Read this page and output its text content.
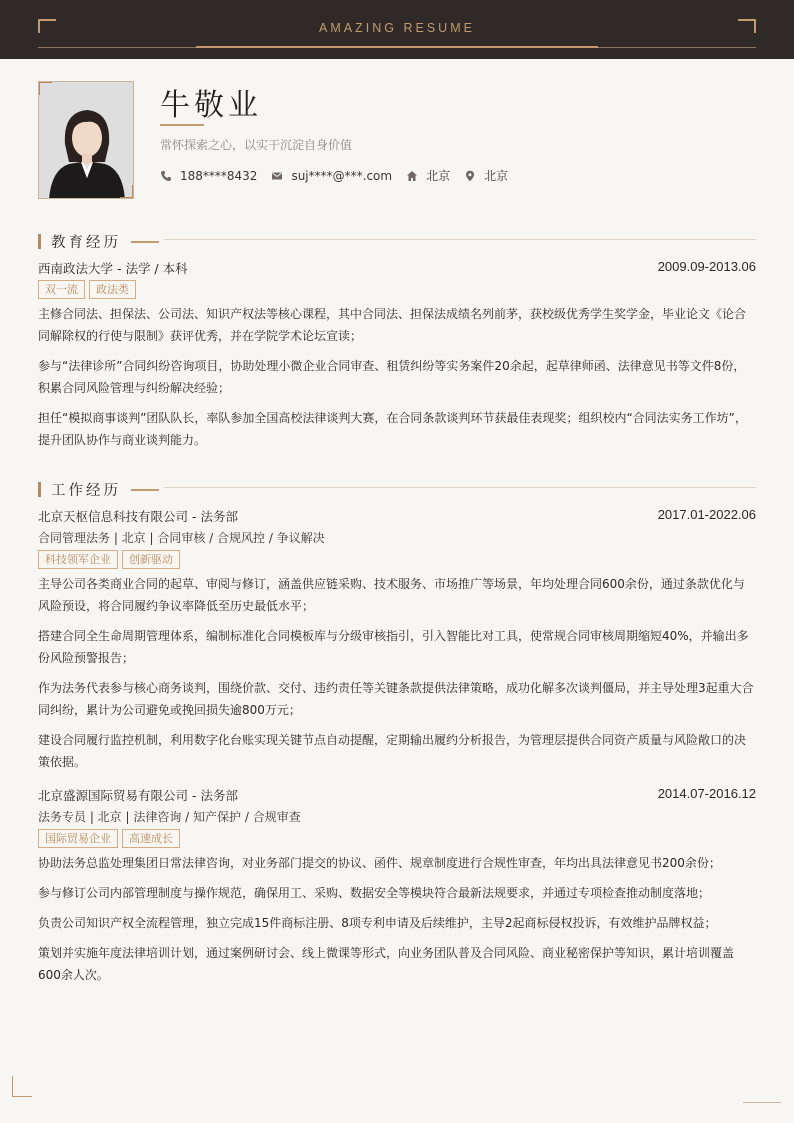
AMAZING RESUME
牛敬业
常怀探索之心，以实干沉淀自身价值
188****8432	suj****@***.com	北京	北京
教育经历
西南政法大学 - 法学 / 本科	2009.09-2013.06
双一流	政法类
主修合同法、担保法、公司法、知识产权法等核心课程，其中合同法、担保法成绩名列前茅，获校级优秀学生奖学金，毕业论文《论合同解除权的行使与限制》获评优秀，并在学院学术论坛宣读；
参与“法律诊所”合同纠纷咨询项目，协助处理小微企业合同审查、租赁纠纷等实务案件20余起，起草律师函、法律意见书等文件8份，积累合同风险管理与纠纷解决经验；
担任“模拟商事谈判”团队队长，率队参加全国高校法律谈判大赛，在合同条款谈判环节获最佳表现奖；组织校内“合同法实务工作坊”，提升团队协作与商业谈判能力。
工作经历
北京天枢信息科技有限公司 - 法务部	2017.01-2022.06
合同管理法务 | 北京 | 合同审核 / 合规风控 / 争议解决
科技领军企业	创新驱动
主导公司各类商业合同的起草、审阅与修订，涵盖供应链采购、技术服务、市场推广等场景，年均处理合同600余份，通过条款优化与风险预设，将合同履约争议率降低至历史最低水平；
搭建合同全生命周期管理体系，编制标准化合同模板库与分级审核指引，引入智能比对工具，使常规合同审核周期缩短40%，并输出多份风险预警报告；
作为法务代表参与核心商务谈判，围绕价款、交付、违约责任等关键条款提供法律策略，成功化解多次谈判僵局，并主导处理3起重大合同纠纷，累计为公司避免或挽回损失逾800万元；
建设合同履行监控机制，利用数字化台账实现关键节点自动提醒，定期输出履约分析报告，为管理层提供合同资产质量与风险敞口的决策依据。
北京盛源国际贸易有限公司 - 法务部	2014.07-2016.12
法务专员 | 北京 | 法律咨询 / 知产保护 / 合规审查
国际贸易企业	高速成长
协助法务总监处理集团日常法律咨询，对业务部门提交的协议、函件、规章制度进行合规性审查，年均出具法律意见书200余份；
参与修订公司内部管理制度与操作规范，确保用工、采购、数据安全等模块符合最新法规要求，并通过专项检查推动制度落地；
负责公司知识产权全流程管理，独立完成15件商标注册、8项专利申请及后续维护，主导2起商标侵权投诉，有效维护品牌权益；
策划并实施年度法律培训计划，通过案例研讨会、线上微课等形式，向业务团队普及合同风险、商业秘密保护等知识，累计培训覆盖600余人次。
